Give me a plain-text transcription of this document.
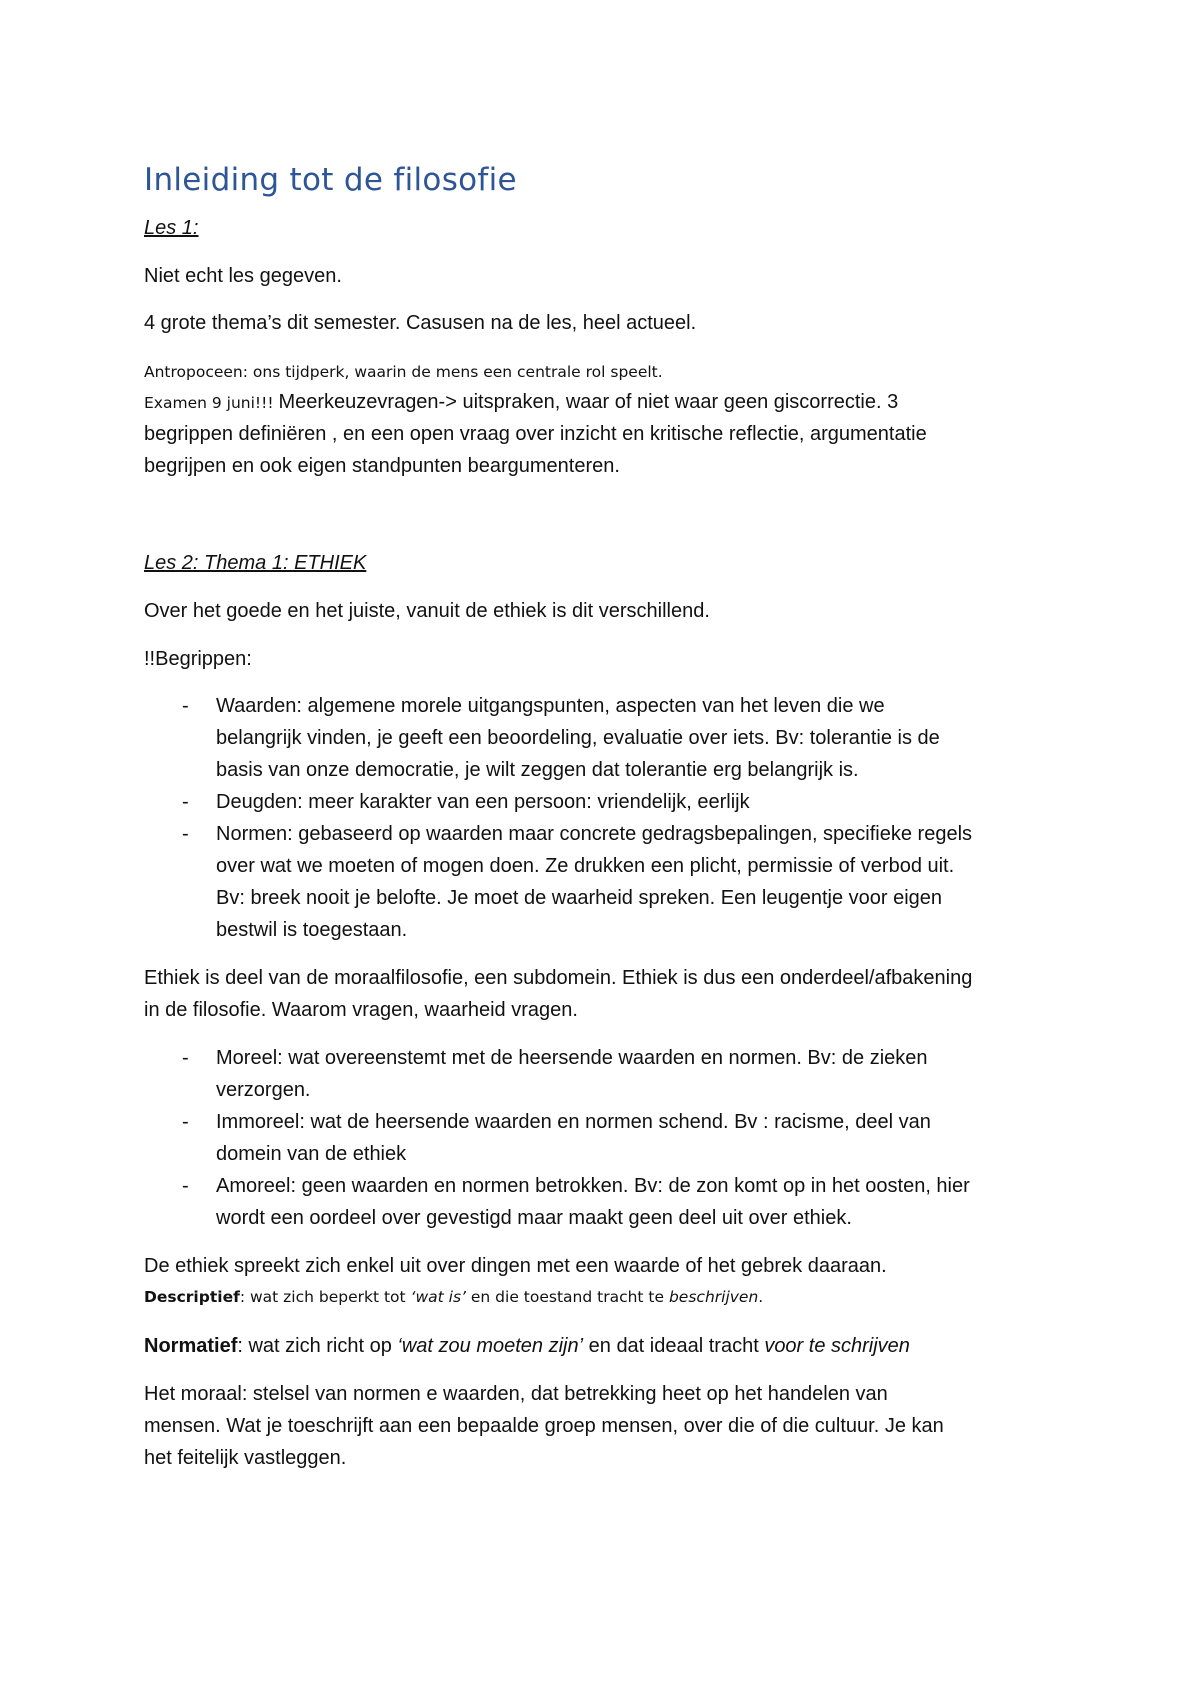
Inleiding tot de filosofie
Les 1:
Niet echt les gegeven.
4 grote thema’s dit semester. Casusen na de les, heel actueel.
Antropoceen: ons tijdperk, waarin de mens een centrale rol speelt.
Examen 9 juni!!! Meerkeuzevragen-> uitspraken, waar of niet waar geen giscorrectie. 3
begrippen definiëren , en een open vraag over inzicht en kritische reflectie, argumentatie
begrijpen en ook eigen standpunten beargumenteren.
Les 2: Thema 1: ETHIEK
Over het goede en het juiste, vanuit de ethiek is dit verschillend.
!!Begrippen:
- Waarden: algemene morele uitgangspunten, aspecten van het leven die we
belangrijk vinden, je geeft een beoordeling, evaluatie over iets. Bv: tolerantie is de
basis van onze democratie, je wilt zeggen dat tolerantie erg belangrijk is.
- Deugden: meer karakter van een persoon: vriendelijk, eerlijk
- Normen: gebaseerd op waarden maar concrete gedragsbepalingen, specifieke regels
over wat we moeten of mogen doen. Ze drukken een plicht, permissie of verbod uit.
Bv: breek nooit je belofte. Je moet de waarheid spreken. Een leugentje voor eigen
bestwil is toegestaan.
Ethiek is deel van de moraalfilosofie, een subdomein. Ethiek is dus een onderdeel/afbakening
in de filosofie. Waarom vragen, waarheid vragen.
- Moreel: wat overeenstemt met de heersende waarden en normen. Bv: de zieken
verzorgen.
- Immoreel: wat de heersende waarden en normen schend. Bv : racisme, deel van
domein van de ethiek
- Amoreel: geen waarden en normen betrokken. Bv: de zon komt op in het oosten, hier
wordt een oordeel over gevestigd maar maakt geen deel uit over ethiek.
De ethiek spreekt zich enkel uit over dingen met een waarde of het gebrek daaraan.
Descriptief: wat zich beperkt tot ‘wat is’ en die toestand tracht te beschrijven.
Normatief: wat zich richt op ‘wat zou moeten zijn’ en dat ideaal tracht voor te schrijven
Het moraal: stelsel van normen e waarden, dat betrekking heet op het handelen van
mensen. Wat je toeschrijft aan een bepaalde groep mensen, over die of die cultuur. Je kan
het feitelijk vastleggen.
